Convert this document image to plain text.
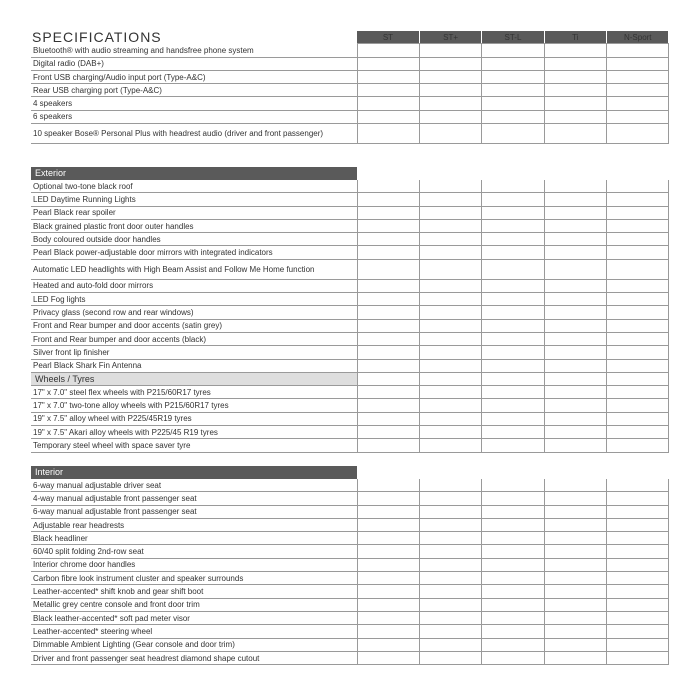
SPECIFICATIONS
		ST	ST+	ST-L	Ti	N-Sport
Bluetooth® with audio streaming and handsfree phone system					
Digital radio (DAB+)					
Front USB charging/Audio input port (Type-A&C)					
Rear USB charging port (Type-A&C)					
4 speakers					
6 speakers					
10 speaker Bose® Personal Plus with headrest audio (driver and front passenger)					
Exterior					
Optional two-tone black roof					
LED Daytime Running Lights					
Pearl Black rear spoiler					
Black grained plastic front door outer handles					
Body coloured outside door handles					
Pearl Black power-adjustable door mirrors with integrated indicators					
Automatic LED headlights with High Beam Assist and Follow Me Home function					
Heated and auto-fold door mirrors					
LED Fog lights					
Privacy glass (second row and rear windows)					
Front and Rear bumper and door accents (satin grey)					
Front and Rear bumper and door accents (black)					
Silver front lip finisher					
Pearl Black Shark Fin Antenna					
Wheels / Tyres					
17" x 7.0" steel flex wheels with P215/60R17 tyres					
17" x 7.0" two-tone alloy wheels with P215/60R17 tyres					
19" x 7.5" alloy wheel with P225/45R19 tyres					
19" x 7.5" Akari alloy wheels with P225/45 R19 tyres					
Temporary steel wheel with space saver tyre					
Interior					
6-way manual adjustable driver seat					
4-way manual adjustable front passenger seat					
6-way manual adjustable front passenger seat					
Adjustable rear headrests					
Black headliner					
60/40 split folding 2nd-row seat					
Interior chrome door handles					
Carbon fibre look instrument cluster and speaker surrounds					
Leather-accented* shift knob and gear shift boot					
Metallic grey centre console and front door trim					
Black leather-accented* soft pad meter visor					
Leather-accented* steering wheel					
Dimmable Ambient Lighting (Gear console and door trim)					
Driver and front passenger seat headrest diamond shape cutout					
